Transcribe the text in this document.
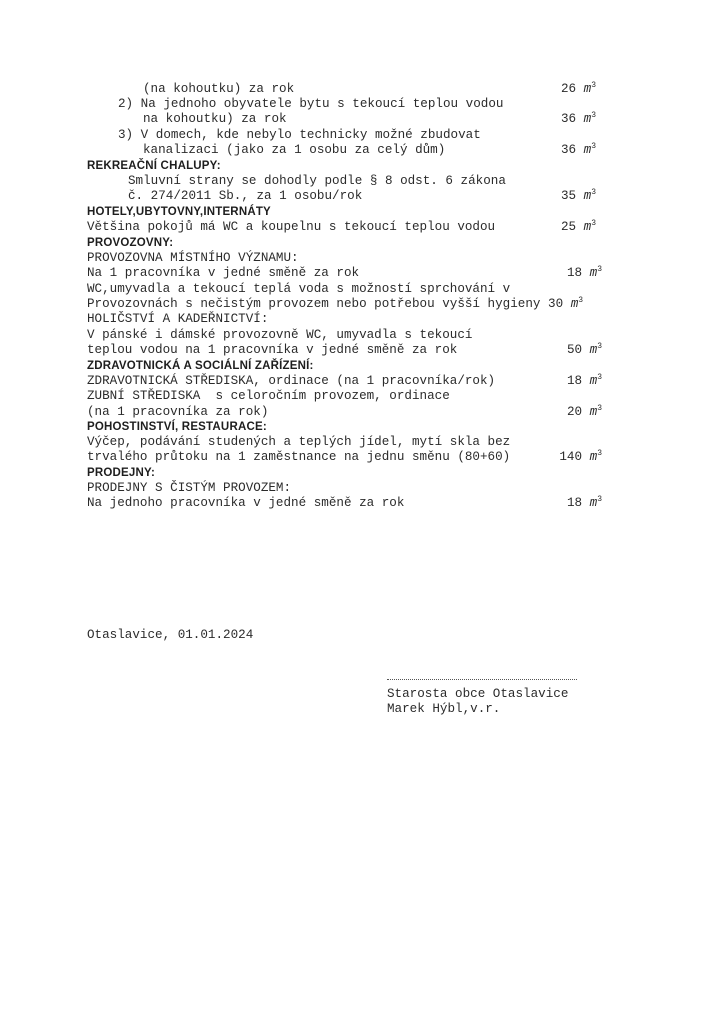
(na kohoutku) za rok	26 $m^3$
2) Na jednoho obyvatele bytu s tekoucí teplou vodou
na kohoutku) za rok	36 $m^3$
3) V domech, kde nebylo technicky možné zbudovat
kanalizaci (jako za 1 osobu za celý dům)	36 $m^3$
REKREAČNÍ CHALUPY:
Smluvní strany se dohodly podle § 8 odst. 6 zákona
č. 274/2011 Sb., za 1 osobu/rok	35 $m^3$
HOTELY,UBYTOVNY,INTERNÁTY
Většina pokojů má WC a koupelnu s tekoucí teplou vodou	25 $m^3$
PROVOZOVNY:
PROVOZOVNA MÍSTNÍHO VÝZNAMU:
Na 1 pracovníka v jedné směně za rok	18 $m^3$
WC,umyvadla a tekoucí teplá voda s možností sprchování v
Provozovnách s nečistým provozem nebo potřebou vyšší hygieny 30 $m^3$
HOLIČSTVÍ A KADEŘNICTVÍ:
V pánské i dámské provozovně WC, umyvadla s tekoucí
teplou vodou na 1 pracovníka v jedné směně za rok	50 $m^3$
ZDRAVOTNICKÁ A SOCIÁLNÍ ZAŘÍZENÍ:
ZDRAVOTNICKÁ STŘEDISKA, ordinace (na 1 pracovníka/rok)	18 $m^3$
ZUBNÍ STŘEDISKA  s celoročním provozem, ordinace
(na 1 pracovníka za rok)	20 $m^3$
POHOSTINSTVÍ, RESTAURACE:
Výčep, podávání studených a teplých jídel, mytí skla bez
trvalého průtoku na 1 zaměstnance na jednu směnu (80+60)	140 $m^3$
PRODEJNY:
PRODEJNY S ČISTÝM PROVOZEM:
Na jednoho pracovníka v jedné směně za rok	18 $m^3$
Otaslavice, 01.01.2024
Starosta obce Otaslavice
Marek Hýbl,v.r.
